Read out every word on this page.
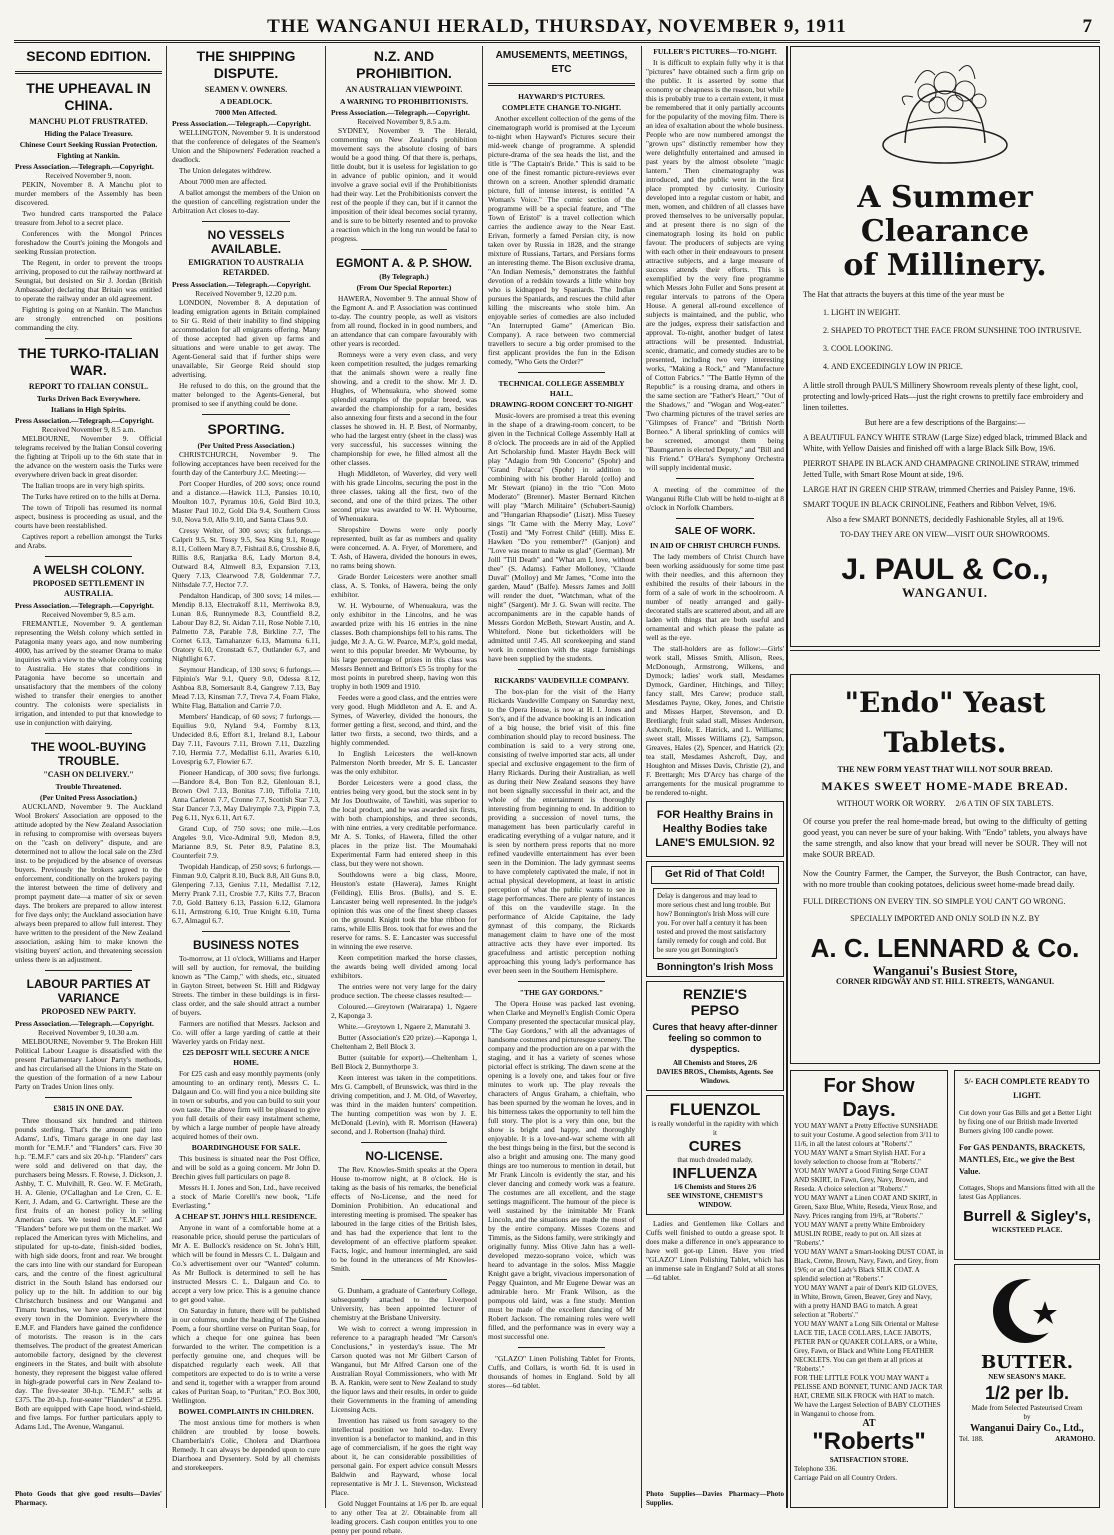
THE WANGANUI HERALD, THURSDAY, NOVEMBER 9, 1911	7
SECOND EDITION.
THE UPHEAVAL IN CHINA.
MANCHU PLOT FRUSTRATED.
Hiding the Palace Treasure.
Chinese Court Seeking Russian Protection.
Fighting at Nankin.
Press Association.—Telegraph.—Copyright.
Received November 9, noon.

PEKIN, November 8. A Manchu plot to murder members of the Assembly has been discovered.

Two hundred carts transported the Palace treasure from Jehol to a secret place.

Conferences with the Mongol Princes foreshadow the Court's joining the Mongols and seeking Russian protection.

The Regent, in order to prevent the troops arriving, proposed to cut the railway northward at Seungtai, but desisted on Sir J. Jordan (British Ambassador) declaring that Britain was entitled to operate the railway under an old agreement.

Fighting is going on at Nankin. The Manchus are strongly entrenched on positions commanding the city.

THE TURKO-ITALIAN WAR.
REPORT TO ITALIAN CONSUL.
Turks Driven Back Everywhere.
Italians in High Spirits.
Press Association.—Telegraph.—Copyright.
Received November 9, 8.5 a.m.

MELBOURNE, November 9. Official telegrams received by the Italian Consul covering the fighting at Tripoli up to the 6th state that in the advance on the western oasis the Turks were everywhere driven back in great disorder.

The Italian troops are in very high spirits.

The Turks have retired on to the hills at Derna.

The town of Tripoli has resumed its normal aspect, business is proceeding as usual, and the courts have been reestablished.

Captives report a rebellion amongst the Turks and Arabs.

A WELSH COLONY.
PROPOSED SETTLEMENT IN AUSTRALIA.
Press Association.—Telegraph.—Copyright.
Received November 9, 8.5 a.m.

FREMANTLE, November 9. A gentleman representing the Welsh colony which settled in Patagonia many years ago, and now numbering 4000, has arrived by the steamer Orama to make inquiries with a view to the whole colony coming to Australia. He states that conditions in Patagonia have become so uncertain and unsatisfactory that the members of the colony wished to transfer their energies to another country. The colonists were specialists in irrigation, and intended to put that knowledge to use in conjunction with dairying.

THE WOOL-BUYING TROUBLE.
"CASH ON DELIVERY."
Trouble Threatened.
(Per United Press Association.)

AUCKLAND, November 9. The Auckland Wool Brokers' Association are opposed to the attitude adopted by the New Zealand Association in refusing to compromise with overseas buyers on the "cash on delivery" dispute, and are determined not to allow the local sale on the 23rd inst. to be prejudiced by the absence of overseas buyers. Previously the brokers agreed to the enforcement, conditionally on the brokers paying the interest between the time of delivery and prompt payment date—a matter of six or seven days. The brokers are prepared to allow interest for five days only; the Auckland association have always been prepared to allow full interest. They have written to the president of the New Zealand association, asking him to make known the visiting buyers' action, and threatening secession unless there is an adjustment.

LABOUR PARTIES AT VARIANCE
PROPOSED NEW PARTY.
Press Association.—Telegraph.—Copyright.
Received November 9, 10.30 a.m.

MELBOURNE, November 9. The Broken Hill Political Labour League is dissatisfied with the present Parliamentary Labour Party's methods, and has circularised all the Unions in the State on the question of the formation of a new Labour Party on Trades Union lines only.

£3815 IN ONE DAY.

Three thousand six hundred and thirteen pounds sterling. That's the amount paid into Adams', Ltd's, Timaru garage in one day last month for "E.M.F." and "Flanders" cars. Five 30 h.p. "E.M.F." cars and six 20-h.p. "Flanders" cars were sold and delivered on that day, the purchasers being Messrs. F. Rowse, J. Dickson, J. Ashby, T. C. Mulvihill, R. Geo. W. F. McGrath, H. A. Glenie, O'Callaghan and Le Cren, C. E. Kerr, J. Adam, and G. Cartwright. These are the first fruits of an honest policy in selling American cars. We tested the "E.M.F." and "Flanders" before we put them on the market. We replaced the American tyres with Michelins, and stipulated for up-to-date, finish-sided bodies, with high side doors, front and rear. We brought the cars into line with our standard for European cars, and the centre of the finest agricultural district in the South Island has endorsed our policy up to the hilt. In addition to our big Christchurch business and our Wanganui and Timaru branches, we have agencies in almost every town in the Dominion. Everywhere the E.M.F. and Flanders have gained the confidence of motorists. The reason is in the cars themselves. The product of the greatest American automobile factory, designed by the cleverest engineers in the States, and built with absolute honesty, they represent the biggest value offered in high-grade powerful cars in New Zealand to-day. The five-seater 30-h.p. "E.M.F." sells at £375. The 20-h.p. four-seater "Flanders" at £295. Both are equipped with Cape hood, wind-shield, and five lamps. For further particulars apply to Adams Ltd., The Avenue, Wanganui.

Photo Goods that give good results—Davies' Pharmacy.
THE SHIPPING DISPUTE.
SEAMEN V. OWNERS.
A DEADLOCK.
7000 Men Affected.
Press Association.—Telegraph.—Copyright.

WELLINGTON, November 9. It is understood that the conference of delegates of the Seamen's Union and the Shipowners' Federation reached a deadlock.

The Union delegates withdrew.

About 7000 men are affected.

A ballot amongst the members of the Union on the question of cancelling registration under the Arbitration Act closes to-day.

NO VESSELS AVAILABLE.
EMIGRATION TO AUSTRALIA RETARDED.
Press Association.—Telegraph.—Copyright.
Received November 9, 12.20 p.m.

LONDON, November 8. A deputation of leading emigration agents in Britain complained to Sir G. Reid of their inability to find shipping accommodation for all emigrants offering. Many of those accepted had given up farms and situations and were unable to get away. The Agent-General said that if further ships were unavailable, Sir George Reid should stop advertising.

He refused to do this, on the ground that the matter belonged to the Agents-General, but promised to see if anything could be done.

SPORTING.
(Per United Press Association.)

CHRISTCHURCH, November 9. The following acceptances have been received for the fourth day of the Canterbury J.C. Meeting:—

Port Cooper Hurdles, of 200 sovs; once round and a distance.—Hawick 11.3, Pansies 10.10, Moulton 10.7, Pyramus 10.6, Gold Bird 10.3, Master Paul 10.2, Gold Dia 9.4, Southern Cross 9.0, Nova 9.0, Allo 9.10, and Santa Claus 9.0.

Cressy Welter, of 300 sovs; six furlongs.—Calprit 9.5, St. Tossy 9.5, Sea King 9.1, Rouge 8.11, Colleen Mary 8.7, Fishtail 8.6, Crossbie 8.6, Rillis 8.6, Ranjatka 8.6, Lady Morton 8.4, Outward 8.4, Almwell 8.3, Expansion 7.13, Query 7.13, Clearwood 7.8, Goldenmar 7.7, Nithsdale 7.7, Hector 7.7.

Pendalton Handicap, of 300 sovs; 14 miles.—Mendip 8.13, Electrakoff 8.11, Merriwoka 8.9, Lunan 8.6, Runnymede 8.3, Countfield 8.2, Labour Day 8.2, St. Aidan 7.11, Rose Noble 7.10, Palmetto 7.8, Parable 7.8, Birkline 7.7, The Cornet 6.13, Tamahanzer 6.13, Mamuna 6.11, Oratory 6.10, Cronstadt 6.7, Outlander 6.7, and Nightlight 6.7.

Seymour Handicap, of 130 sovs; 6 furlongs.—Filpinio's War 9.1, Query 9.0, Odessa 8.12, Ashboa 8.8, Somersault 8.4, Gangrew 7.13, Bay Mead 7.13, Kinsman 7.7, Treva 7.4, Foam Flake, White Flag, Battalion and Carrie 7.0.

Members' Handicap, of 60 sovs; 7 furlongs.—Equilius 9.0, Nyland 9.4, Formby 8.13, Undecided 8.6, Effort 8.1, Ireland 8.1, Labour Day 7.11, Favours 7.11, Brown 7.11, Dazzling 7.10, Hermia 7.7, Medallist 6.11, Avaries 6.10, Lovesprig 6.7, Flowier 6.7.

Pioneer Handicap, of 300 sovs; five furlongs.—Bandore 8.4, Bon Ton 8.2, Glenlouan 8.1, Brown Owl 7.13, Bonitas 7.10, Tiffolia 7.10, Anna Carleton 7.7, Cronne 7.7, Scottish Star 7.3, Star Dancer 7.3, May Dalrymple 7.3, Pippin 7.3, Peg 6.11, Nyx 6.11, Art 6.7.

Grand Cup, of 750 sovs; one mile.—Los Angeles 9.0, Vice-Admiral 9.0, Medon 8.9, Marianne 8.9, St. Peter 8.9, Palatine 8.3, Counterfeit 7.9.

Twopidah Handicap, of 250 sovs; 6 furlongs.—Finman 9.0, Calprit 8.10, Buck 8.8, All Guns 8.0, Glenpering 7.13, Genius 7.11, Medallist 7.12, Merry Prank 7.11, Crosbie 7.7, Kilts 7.7, Bracon 7.0, Gold Battery 6.13, Passion 6.12, Glamora 6.11, Armstrong 6.10, True Knight 6.10, Turna 6.7, Almagul 6.7.

BUSINESS NOTES

To-morrow, at 11 o'clock, Williams and Harper will sell by auction, for removal, the building known as "The Camp," with sheds, etc., situated in Gayton Street, between St. Hill and Ridgway Streets. The timber in these buildings is in first-class order, and the sale should attract a number of buyers.

Farmers are notified that Messrs. Jackson and Co. will offer a large yarding of cattle at their Waverley yards on Friday next.

£25 DEPOSIT WILL SECURE A NICE HOME.

For £25 cash and easy monthly payments (only amounting to an ordinary rent), Messrs C. L. Dalgaun and Co. will find you a nice building site in town or suburbs, and you can build to suit your own taste. The above firm will be pleased to give you full details of their easy instalment scheme, by which a large number of people have already acquired homes of their own.

BOARDINGHOUSE FOR SALE.

This business is situated near the Post Office, and will be sold as a going concern. Mr John D. Brechin gives full particulars on page 8.

Messrs H. I. Jones and Son, Ltd., have received a stock of Marie Corelli's new book, "Life Everlasting."

A CHEAP ST. JOHN'S HILL RESIDENCE.

Anyone in want of a comfortable home at a reasonable price, should peruse the particulars of Mr A. E. Bullock's residence on St. John's Hill, which will be found in Messrs C. L. Dalgaun and Co.'s advertisement over our "Wanted" column. As Mr Bullock is determined to sell he has instructed Messrs C. L. Dalgaun and Co. to accept a very low price. This is a genuine chance to get good value.

On Saturday in future, there will be published in our columns, under the heading of The Guinea Poem, a four shortline verse on Puritan Soap, for which a cheque for one guinea has been forwarded to the writer. The competition is a perfectly genuine one, and cheques will be dispatched regularly each week. All that competitors are expected to do is to write a verse and send it, together with a wrapper from around cakes of Puritan Soap, to "Puritan," P.O. Box 300, Wellington.

BOWEL COMPLAINTS IN CHILDREN.

The most anxious time for mothers is when children are troubled by loose bowels. Chamberlain's Colic, Cholera and Diarrhoea Remedy. It can always be depended upon to cure Diarrhoea and Dysentery. Sold by all chemists and storekeepers.

N.Z. AND PROHIBITION.
AN AUSTRALIAN VIEWPOINT.
A WARNING TO PROHIBITIONISTS.
Press Association.—Telegraph.—Copyright.
Received November 9, 8.5 a.m.

SYDNEY, November 9. The Herald, commenting on New Zealand's prohibition movement says the absolute closing of bars would be a good thing. Of that there is, perhaps, little doubt, but it is useless for legislation to go in advance of public opinion, and it would involve a grave social evil if the Prohibitionists had their way. Let the Prohibitionists convert the rest of the people if they can, but if it cannot the imposition of their ideal becomes social tyranny, and is sure to be bitterly resented and to provoke a reaction which in the long run would be fatal to progress.

EGMONT A. & P. SHOW.
(By Telegraph.)
(From Our Special Reporter.)

HAWERA, November 9. The annual Show of the Egmont A. and P. Association was continued to-day. The country people, as well as visitors from all round, flocked in in good numbers, and an attendance that can compare favourably with other years is recorded.

Romneys were a very even class, and very keen competition resulted, the judges remarking that the animals shown were a really fine showing, and a credit to the show. Mr J. D. Hughes, of Whenuakura, who showed some splendid examples of the popular breed, was awarded the championship for a ram, besides also annexing four firsts and a second in the four classes he showed in. H. P. Best, of Normanby, who had the largest entry (sheet in the class) was very successful, his successes winning the championship for ewe, he filled almost all the other classes.

Hugh Middleton, of Waverley, did very well with his grade Lincolns, securing the post in the three classes, taking all the first, two of the second, and one of the third prizes. The other second prize was awarded to W. H. Wybourne, of Whenuakura.

Shropshire Downs were only poorly represented, built as far as numbers and quality were concerned. A. A. Fryer, of Moremere, and T. Ash, of Hawera, divided the honours in ewes, no rams being shown.

Grade Border Leicesters were another small class, A. S. Tonks, of Hawera, being the only exhibitor.

W. H. Wybourne, of Whenuakura, was the only exhibitor in the Lincolns, and he was awarded prize with his 16 entries in the nine classes. Both championships fell to his rams. The judge, Mr J. A. G. W. Pearce, M.P.'s, gold medal, went to this popular breeder. Mr Wybourne, by his large percentage of prizes in this class was Messrs Bennett and Britton's £5 5s trophy for the most points in purebred sheep, having won this trophy in both 1909 and 1910.

Feedes were a good class, and the entries were very good. Hugh Middleton and A. E. and A. Symes, of Waverley, divided the honours, the former getting a first, second, and third, and the latter two firsts, a second, two thirds, and a highly commended.

In English Leicesters the well-known Palmerston North breeder, Mr S. E. Lancaster was the only exhibitor.

Border Leicesters were a good class, the entries being very good, but the stock sent in by Mr Jos Douthwaite, of Tawhiti, was superior to the local product, and he was awarded six firsts, with both championships, and three seconds, with nine entries, a very creditable performance. Mr A. S. Tonks, of Hawera, filled the other places in the prize list. The Moumahaki Experimental Farm had entered sheep in this class, but they were not shown.

Southdowns were a big class, Moore, Heuston's estate (Hawera), James Knight (Feilding), Ellis Bros. (Bulls), and S. E. Lancaster being well represented. In the judge's opinion this was one of the finest sheep classes on the ground. Knight took the blue ribbon for rams, while Ellis Bros. took that for ewes and the reserve for rams. S. E. Lancaster was successful in winning the ewe reserve.

Keen competition marked the horse classes, the awards being well divided among local exhibitors.

The entries were not very large for the dairy produce section. The cheese classes resulted:—

Coloured.—Greytown (Wairarapa) 1, Ngaere 2, Kaponga 3.

White.—Greytown 1, Ngaere 2, Manutahi 3.

Butter (Association's £20 prize).—Kaponga 1, Cheltenham 2, Bell Block 3.

Butter (suitable for export).—Cheltenham 1, Bell Block 2, Bunnythorpe 3.

Keen interest was taken in the competitions. Mrs G. Campbell, of Brunswick, was third in the driving competition, and J. M. Old, of Waverley, was third in the maiden hunters' competition. The hunting competition was won by J. E. McDonald (Levin), with R. Morrison (Hawera) second, and J. Robertson (Inaha) third.

NO-LICENSE.

The Rev. Knowles-Smith speaks at the Opera House to-morrow night, at 8 o'clock. He is taking as the basis of his remarks, the beneficial effects of No-License, and the need for Dominion Prohibition. An educational and interesting meeting is promised. The speaker has laboured in the large cities of the British Isles, and has had the experience that lent to the development of an effective platform speaker. Facts, logic, and humour intermingled, are said to be found in the utterances of Mr Knowles-Smith.

G. Dunham, a graduate of Canterbury College, subsequently attached to the Liverpool University, has been appointed lecturer of chemistry at the Brisbane University.

We wish to correct a wrong impression in reference to a paragraph headed "Mr Carson's Conclusions," in yesterday's issue. The Mr Carson quoted was not Mr Gilbert Carson of Wanganui, but Mr Alfred Carson one of the Australian Royal Commissioners, who with Mr B. A. Rankin, were sent to New Zealand to study the liquor laws and their results, in order to guide their Governments in the framing of amending Licensing Acts.

Invention has raised us from savagery to the intellectual position we hold to-day. Every invention is a benefactor to mankind, and in this age of commercialism, if he goes the right way about it, he can considerable possibilities of personal gain. For expert advice consult Messrs Baldwin and Rayward, whose local representative is Mr J. L. Stevenson, Wickstead Place.

Gold Nugget Fountains at 1/6 per lb. are equal to any other Tea at 2/. Obtainable from all leading grocers. Cash coupon entitles you to one penny per pound rebate.

AMUSEMENTS, MEETINGS, ETC
HAYWARD'S PICTURES.
COMPLETE CHANGE TO-NIGHT.

Another excellent collection of the gems of the cinematograph world is promised at the Lyceum to-night when Hayward's Pictures secure their mid-week change of programme. A splendid picture-drama of the sea heads the list, and the title is "The Captain's Bride." This is said to be one of the finest romantic picture-reviews ever thrown on a screen. Another splendid dramatic picture, full of intense interest, is entitled "A Woman's Voice." The comic section of the programme will be a special feature, and "The Town of Eristol" is a travel collection which carries the audience away to the Near East. Erivan, formerly a famed Persian city, is now taken over by Russia in 1828, and the strange mixture of Russians, Tartars, and Persians forms an interesting theme. The Bison exclusive drama, "An Indian Nemesis," demonstrates the faithful devotion of a redskin towards a little white boy who is kidnapped by Spaniards. The Indian pursues the Spaniards, and rescues the child after killing the miscreants who stole him. An enjoyable series of comedies are also included "An Interrupted Game" (American Bio. Company). A race between two commercial travellers to secure a big order promised to the first applicant provides the fun in the Edison comedy, "Who Gets the Order?"

TECHNICAL COLLEGE ASSEMBLY HALL.
DRAWING-ROOM CONCERT TO-NIGHT

Music-lovers are promised a treat this evening in the shape of a drawing-room concert, to be given in the Technical College Assembly Hall at 8 o'clock. The proceeds are in aid of the Applied Art Scholarship fund. Master Haydn Beck will play "Adagio from 9th Concerto" (Spohr) and "Grand Polacca" (Spohr) in addition to combining with his brother Harold (cello) and Mr Stewart (piano) in the trio "Con Moto Moderato" (Brenner). Master Bernard Kitchen will play "March Militaire" (Schubert-Saunig) and "Hungarian Rhapsodie" (Liszt). Miss Tuesey sings "It Came with the Merry May, Love" (Tosti) and "My Forrest Child" (Hill). Miss E. Hawken "Do you remember?" (Ganjon) and "Love was meant to make us glad" (German). Mr Jolll "Till Death" and "What am I, love, without thee" (S. Adams). Father Molloney, "Claude Duval" (Molloy) and Mr James, "Come into the garden, Maud" (Balfe). Messrs James and Jolll will render the duet, "Watchman, what of the night" (Sargent). Mr J. G. Swan will recite. The accompaniments are in the capable hands of Messrs Gordon McBeth, Stewart Austin, and A. Whiteford. None but ticketholders will be admitted until 7.45. All scorekeeping and stand work in connection with the stage furnishings have been supplied by the students.

RICKARDS' VAUDEVILLE COMPANY.

The box-plan for the visit of the Harry Rickards Vaudeville Company on Saturday next, to the Opera House, is now at H. I. Jones and Son's, and if the advance booking is an indication of a big house, the brief visit of this fine combination should play to record business. The combination is said to a very strong one, consisting of twelve imported star acts, all under special and exclusive engagement to the firm of Harry Rickards. During their Australian, as well as during their New Zealand seasons they have not been signally successful in their act, and the whole of the entertainment is thoroughly interesting from beginning to end. In addition to providing a succession of novel turns, the management has been particularly careful in eradicating everything of a vulgar nature, and it is seen by northern press reports that no more refined vaudeville entertainment has ever been seen in the Dominion. The lady gymnast seems to have completely captivated the male, if not in actual physical development, at least in artistic perception of what the public wants to see in stage performances. There are plenty of instances of this on the vaudeville stage. In the performance of Alcide Capitaine, the lady gymnast of this company, the Rickards management claim to have one of the most attractive acts they have ever imported. Its gracefulness and artistic perception nothing approaching this young lady's performance has ever been seen in the Southern Hemisphere.

"THE GAY GORDONS."

The Opera House was packed last evening, when Clarke and Meynell's English Comic Opera Company presented the spectacular musical play, "The Gay Gordons," with all the advantages of handsome costumes and picturesque scenery. The company and the production are on a par with the staging, and it has a variety of scenes whose pictorial effect is striking. The dawn scene at the opening is a lovely one, and takes four or five minutes to work up. The play reveals the characters of Angus Graham, a chieftain, who has been spurned by the woman he loves, and in his bitterness takes the opportunity to tell him the full story. The plot is a very thin one, but the show is bright and happy, and thoroughly enjoyable. It is a love-and-war scheme with all the best things being in the first, but the second is also a bright and amusing one. The many good things are too numerous to mention in detail, but Mr Frank Lincoln is evidently the star, and his clever dancing and comedy work was a feature. The costumes are all excellent, and the stage settings magnificent. The humour of the piece is well sustained by the inimitable Mr Frank Lincoln, and the situations are made the most of by the entire company. Misses Cozens and Timmis, as the Sidons family, were strikingly and originally funny. Miss Olive Jahn has a well-developed mezzo-soprano voice, which was heard to advantage in the solos. Miss Maggie Knight gave a bright, vivacious impersonation of Peggy Quainton, and Mr Eugene Dewar was an admirable hero. Mr Frank Wilson, as the pompous old laird, was a fine study. Mention must be made of the excellent dancing of Mr Robert Jackson. The remaining roles were well filled, and the performance was in every way a most successful one.

"GLAZO" Linen Polishing Tablet for Fronts, Cuffs, and Collars, is worth 6d. It is used in thousands of homes in England. Sold by all stores—6d tablet.

FULLER'S PICTURES—TO-NIGHT.

It is difficult to explain fully why it is that "pictures" have obtained such a firm grip on the public. It is asserted by some that economy or cheapness is the reason, but while this is probably true to a certain extent, it must be remembered that it only partially accounts for the popularity of the moving film. There is an idea of exaltation about the whole business. People who are now numbered amongst the "grown ups" distinctly remember how they were delightfully entertained and amused in past years by the almost obsolete "magic lantern." Then cinematography was introduced, and the public went in the first place prompted by curiosity. Curiosity developed into a regular custom or habit, and men, women, and children of all classes have proved themselves to be universally popular, and at present there is no sign of the cinematograph losing its hold on public favour. The producers of subjects are vying with each other in their endeavours to present attractive subjects, and a large measure of success attends their efforts. This is exemplified by the very fine programme which Messrs John Fuller and Sons present at regular intervals to patrons of the Opera House. A general all-round excellence of subjects is maintained, and the public, who are the judges, express their satisfaction and approval. To-night, another budget of latest attractions will be presented. Industrial, scenic, dramatic, and comedy studies are to be presented, including two very interesting works, "Making a Rock," and "Manufacture of Cotton Fabrics." "The Battle Hymn of the Republic" is a rousing drama, and others in the same section are "Father's Heart," "Out of the Shadows," and "Wogan and Wog-eater." Two charming pictures of the travel series are "Glimpses of France" and "British North Borneo." A liberal sprinkling of comics will be screened, amongst them being "Baumgarten is elected Deputy," and "Bill and his Friend." O'Hara's Symphony Orchestra will supply incidental music.

A meeting of the committee of the Wanganui Rifle Club will be held to-night at 8 o'clock in Norfolk Chambers.

SALE OF WORK.
IN AID OF CHRIST CHURCH FUNDS.

The lady members of Christ Church have been working assiduously for some time past with their needles, and this afternoon they exhibited the results of their labours in the form of a sale of work in the schoolroom. A number of neatly arranged and gaily-decorated stalls are scattered about, and all are laden with things that are both useful and ornamental and which please the palate as well as the eye.

The stall-holders are as follow:—Girls' work stall, Misses Smith, Allison, Rees, McDonough, Armstrong, Wilkens, and Dymock; ladies' work stall, Mesdames Dymock, Gardiner, Hitchings, and Tilley; fancy stall, Mrs Carew; produce stall, Mesdames Payne, Okey, Jones, and Christie and Misses Harper, Stevenson, and D. Bretliargh; fruit salad stall, Misses Anderson, Ashcroft, Hole, E. Hatrick, and L. Williams; sweet stall, Misses Williams (2), Sampson, Greaves, Hales (2), Spencer, and Hatrick (2); tea stall, Mesdames Ashcroft, Day, and Houghton and Misses Davis, Christie (2), and F. Brettargh; Mrs D'Arcy has charge of the arrangements for the musical programme to be rendered to-night.

FOR Healthy Brains in
Healthy Bodies take
LANE'S EMULSION. 92
Get Rid of That Cold!
Delay is dangerous and may lead to more serious chest and lung trouble. But how? Bonnington's Irish Moss will cure you. For over half a century it has been tested and proved the most satisfactory family remedy for cough and cold. But be sure you get Bonnington's
Bonnington's Irish Moss
RENZIE'S
PEPSO
Cures that heavy after-dinner feeling so common to dyspeptics.
All Chemists and Stores, 2/6
DAVIES BROS., Chemists, Agents. See Windows.
FLUENZOL
is really wonderful in the rapidity with which it
CURES
that much dreaded malady,
INFLUENZA
1/6 Chemists and Stores 2/6
SEE WINSTONE, CHEMIST'S WINDOW.

Ladies and Gentlemen like Collars and Cuffs well finished to outdo a grease spot. It does make a difference in one's appearance to have well got-up Linen. Have you tried "GLAZO" Linen Polishing Tablet, which has an immense sale in England? Sold at all stores—6d tablet.

Photo Supplies—Davies Pharmacy—Photo Supplies.
A Summer Clearance
of Millinery.
The Hat that attracts the buyers at this time of the year must be
1. LIGHT IN WEIGHT.
2. SHAPED TO PROTECT THE FACE FROM SUNSHINE TOO INTRUSIVE.
3. COOL LOOKING.
4. AND EXCEEDINGLY LOW IN PRICE.
A little stroll through PAUL'S Millinery Showroom reveals plenty of these light, cool, protecting and lowly-priced Hats—just the right crowns to prettily face embroidery and linen toilettes.
But here are a few descriptions of the Bargains:—
A BEAUTIFUL FANCY WHITE STRAW (Large Size) edged black, trimmed Black and White, with Yellow Daisies and finished off with a large Black Silk Bow, 19/6.
PIERROT SHAPE IN BLACK AND CHAMPAGNE CRINOLINE STRAW, trimmed Jetted Tulle, with Smart Rose Mount at side, 19/6.
LARGE HAT IN GREEN CHIP STRAW, trimmed Cherries and Paisley Panne, 19/6.
SMART TOQUE IN BLACK CRINOLINE, Feathers and Ribbon Velvet, 19/6.
Also a few SMART BONNETS, decidedly Fashionable Styles, all at 19/6.
TO-DAY THEY ARE ON VIEW—VISIT OUR SHOWROOMS.
J. PAUL & Co.,
WANGANUI.
"Endo" Yeast Tablets.
THE NEW FORM YEAST THAT WILL NOT SOUR BREAD.
MAKES SWEET HOME-MADE BREAD.
WITHOUT WORK OR WORRY.     2/6 A TIN OF SIX TABLETS.
Of course you prefer the real home-made bread, but owing to the difficulty of getting good yeast, you can never be sure of your baking. With "Endo" tablets, you always have the same strength, and also know that your bread will never be SOUR. They will not make SOUR BREAD.
Now the Country Farmer, the Camper, the Surveyor, the Bush Contractor, can have, with no more trouble than cooking potatoes, delicious sweet home-made bread daily.
FULL DIRECTIONS ON EVERY TIN. SO SIMPLE YOU CAN'T GO WRONG.
SPECIALLY IMPORTED AND ONLY SOLD IN N.Z. BY
A. C. LENNARD & Co.
Wanganui's Busiest Store,
CORNER RIDGWAY AND ST. HILL STREETS, WANGANUI.
For Show Days.
YOU MAY WANT a Pretty Effective SUNSHADE to suit your Costume. A good selection from 3/11 to 11/6, in all the latest colours at "Roberts'."
YOU MAY WANT a Smart Stylish HAT. For a lovely selection to choose from at "Roberts'."
YOU MAY WANT a Good Fitting Serge COAT AND SKIRT, in Fawn, Grey, Navy, Brown, and Reseda. A choice selection at "Roberts'."
YOU MAY WANT a Linen COAT AND SKIRT, in Green, Saxe Blue, White, Reseda, Vieux Rose, and Navy. Prices ranging from 19/6, at "Roberts'."
YOU MAY WANT a pretty White Embroidery MUSLIN ROBE, ready to put on. All sizes at "Roberts'."
YOU MAY WANT a Smart-looking DUST COAT, in Black, Creme, Brown, Navy, Fawn, and Grey, from 19/6; or an Old Lady's Black SILK COAT. A splendid selection at "Roberts'."
YOU MAY WANT a pair of Dent's KID GLOVES, in White, Brown, Green, Beaver, Grey and Navy, with a pretty HAND BAG to match. A great selection at "Roberts'."
YOU MAY WANT a Long Silk Oriental or Maltese LACE TIE, LACE COLLARS, LACE JABOTS, PETER PAN or QUAKER COLLARS, or a White, Grey, Fawn, or Black and White Long FEATHER NECKLETS. You can get them at all prices at "Roberts'."
FOR THE LITTLE FOLK YOU MAY WANT a PELISSE AND BONNET, TUNIC AND JACK TAR HAT, CREME SILK FROCK with HAT to match.
We have the Largest Selection of BABY CLOTHES in Wanganui to choose from.
AT
"Roberts"
SATISFACTION STORE.
Telephone 336.
Carriage Paid on all Country Orders.
5/- EACH COMPLETE READY TO LIGHT.
Cut down your Gas Bills and get a Better Light by fixing one of our British made Inverted Burners giving 100 candle power.
For GAS PENDANTS, BRACKETS, MANTLES, Etc., we give the Best Value.
Cottages, Shops and Mansions fitted with all the latest Gas Appliances.
Burrell & Sigley's,
WICKSTEED PLACE.
BUTTER.
NEW SEASON'S MAKE.
1/2 per lb.
Made from Selected Pasteurised Cream
by
Wanganui Dairy Co., Ltd.,
Tel. 188.	ARAMOHO.
